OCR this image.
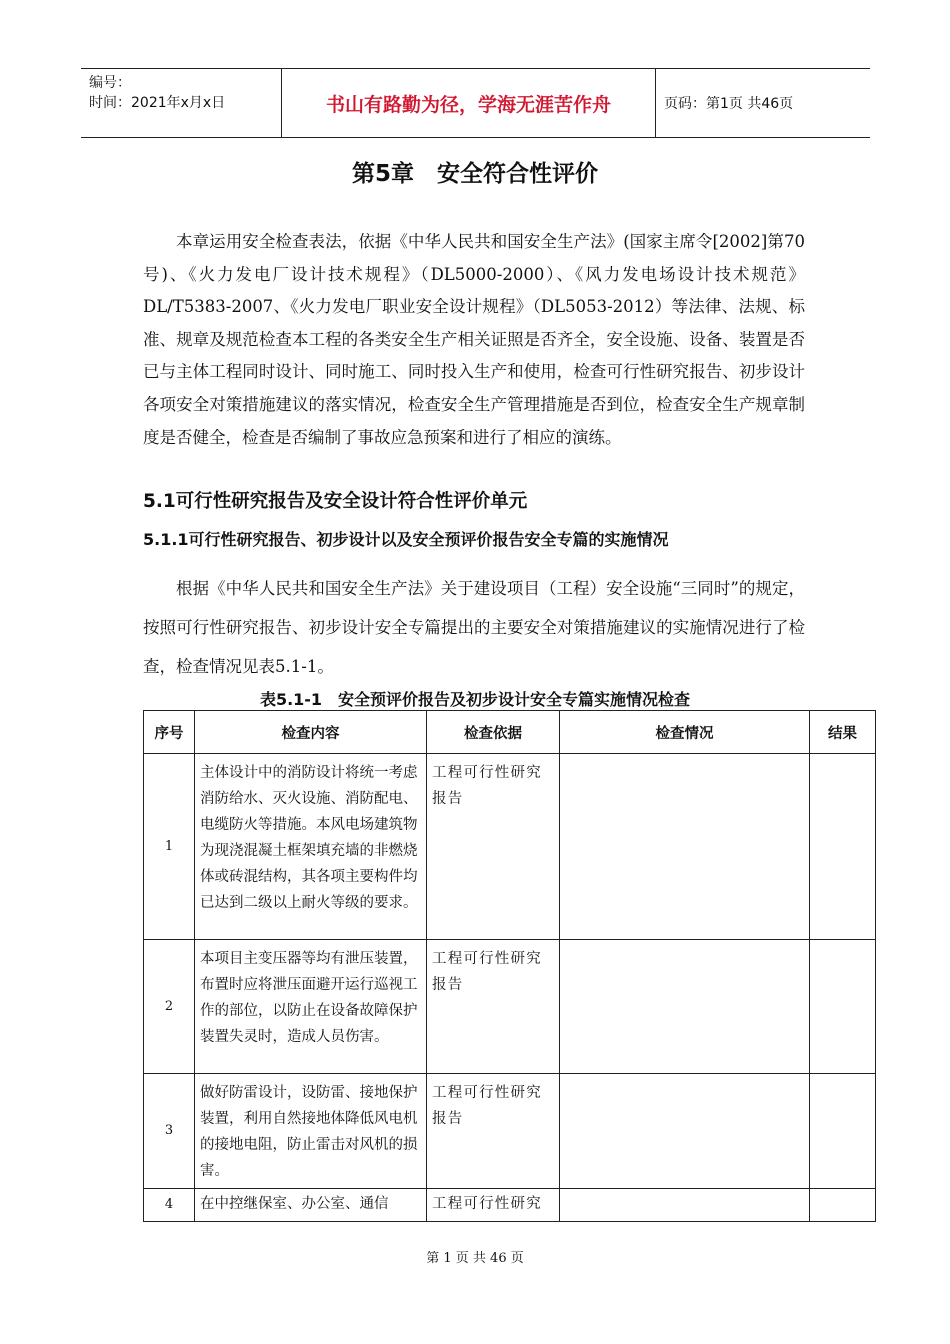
编号：
时间：2021年x月x日	书山有路勤为径，学海无涯苦作舟	页码：第1页 共46页
第5章　安全符合性评价

本章运用安全检查表法，依据《中华人民共和国安全生产法》(国家主席令[2002]第70号)、《火力发电厂设计技术规程》（DL5000-2000）、《风力发电场设计技术规范》DL/T5383-2007、《火力发电厂职业安全设计规程》（DL5053-2012）等法律、法规、标准、规章及规范检查本工程的各类安全生产相关证照是否齐全，安全设施、设备、装置是否已与主体工程同时设计、同时施工、同时投入生产和使用，检查可行性研究报告、初步设计各项安全对策措施建议的落实情况，检查安全生产管理措施是否到位，检查安全生产规章制度是否健全，检查是否编制了事故应急预案和进行了相应的演练。

5.1可行性研究报告及安全设计符合性评价单元
5.1.1可行性研究报告、初步设计以及安全预评价报告安全专篇的实施情况

根据《中华人民共和国安全生产法》关于建设项目（工程）安全设施“三同时”的规定，按照可行性研究报告、初步设计安全专篇提出的主要安全对策措施建议的实施情况进行了检查，检查情况见表5.1-1。

表5.1-1　安全预评价报告及初步设计安全专篇实施情况检查
序号	检查内容	检查依据	检查情况	结果
1	主体设计中的消防设计将统一考虑消防给水、灭火设施、消防配电、电缆防火等措施。本风电场建筑物为现浇混凝土框架填充墙的非燃烧体或砖混结构，其各项主要构件均已达到二级以上耐火等级的要求。	工程可行性研究报告		
2	本项目主变压器等均有泄压装置，布置时应将泄压面避开运行巡视工作的部位，以防止在设备故障保护装置失灵时，造成人员伤害。	工程可行性研究报告		
3	做好防雷设计，设防雷、接地保护装置，利用自然接地体降低风电机的接地电阻，防止雷击对风机的损害。	工程可行性研究报告		
4	在中控继保室、办公室、通信	工程可行性研究		
第 1 页 共 46 页
